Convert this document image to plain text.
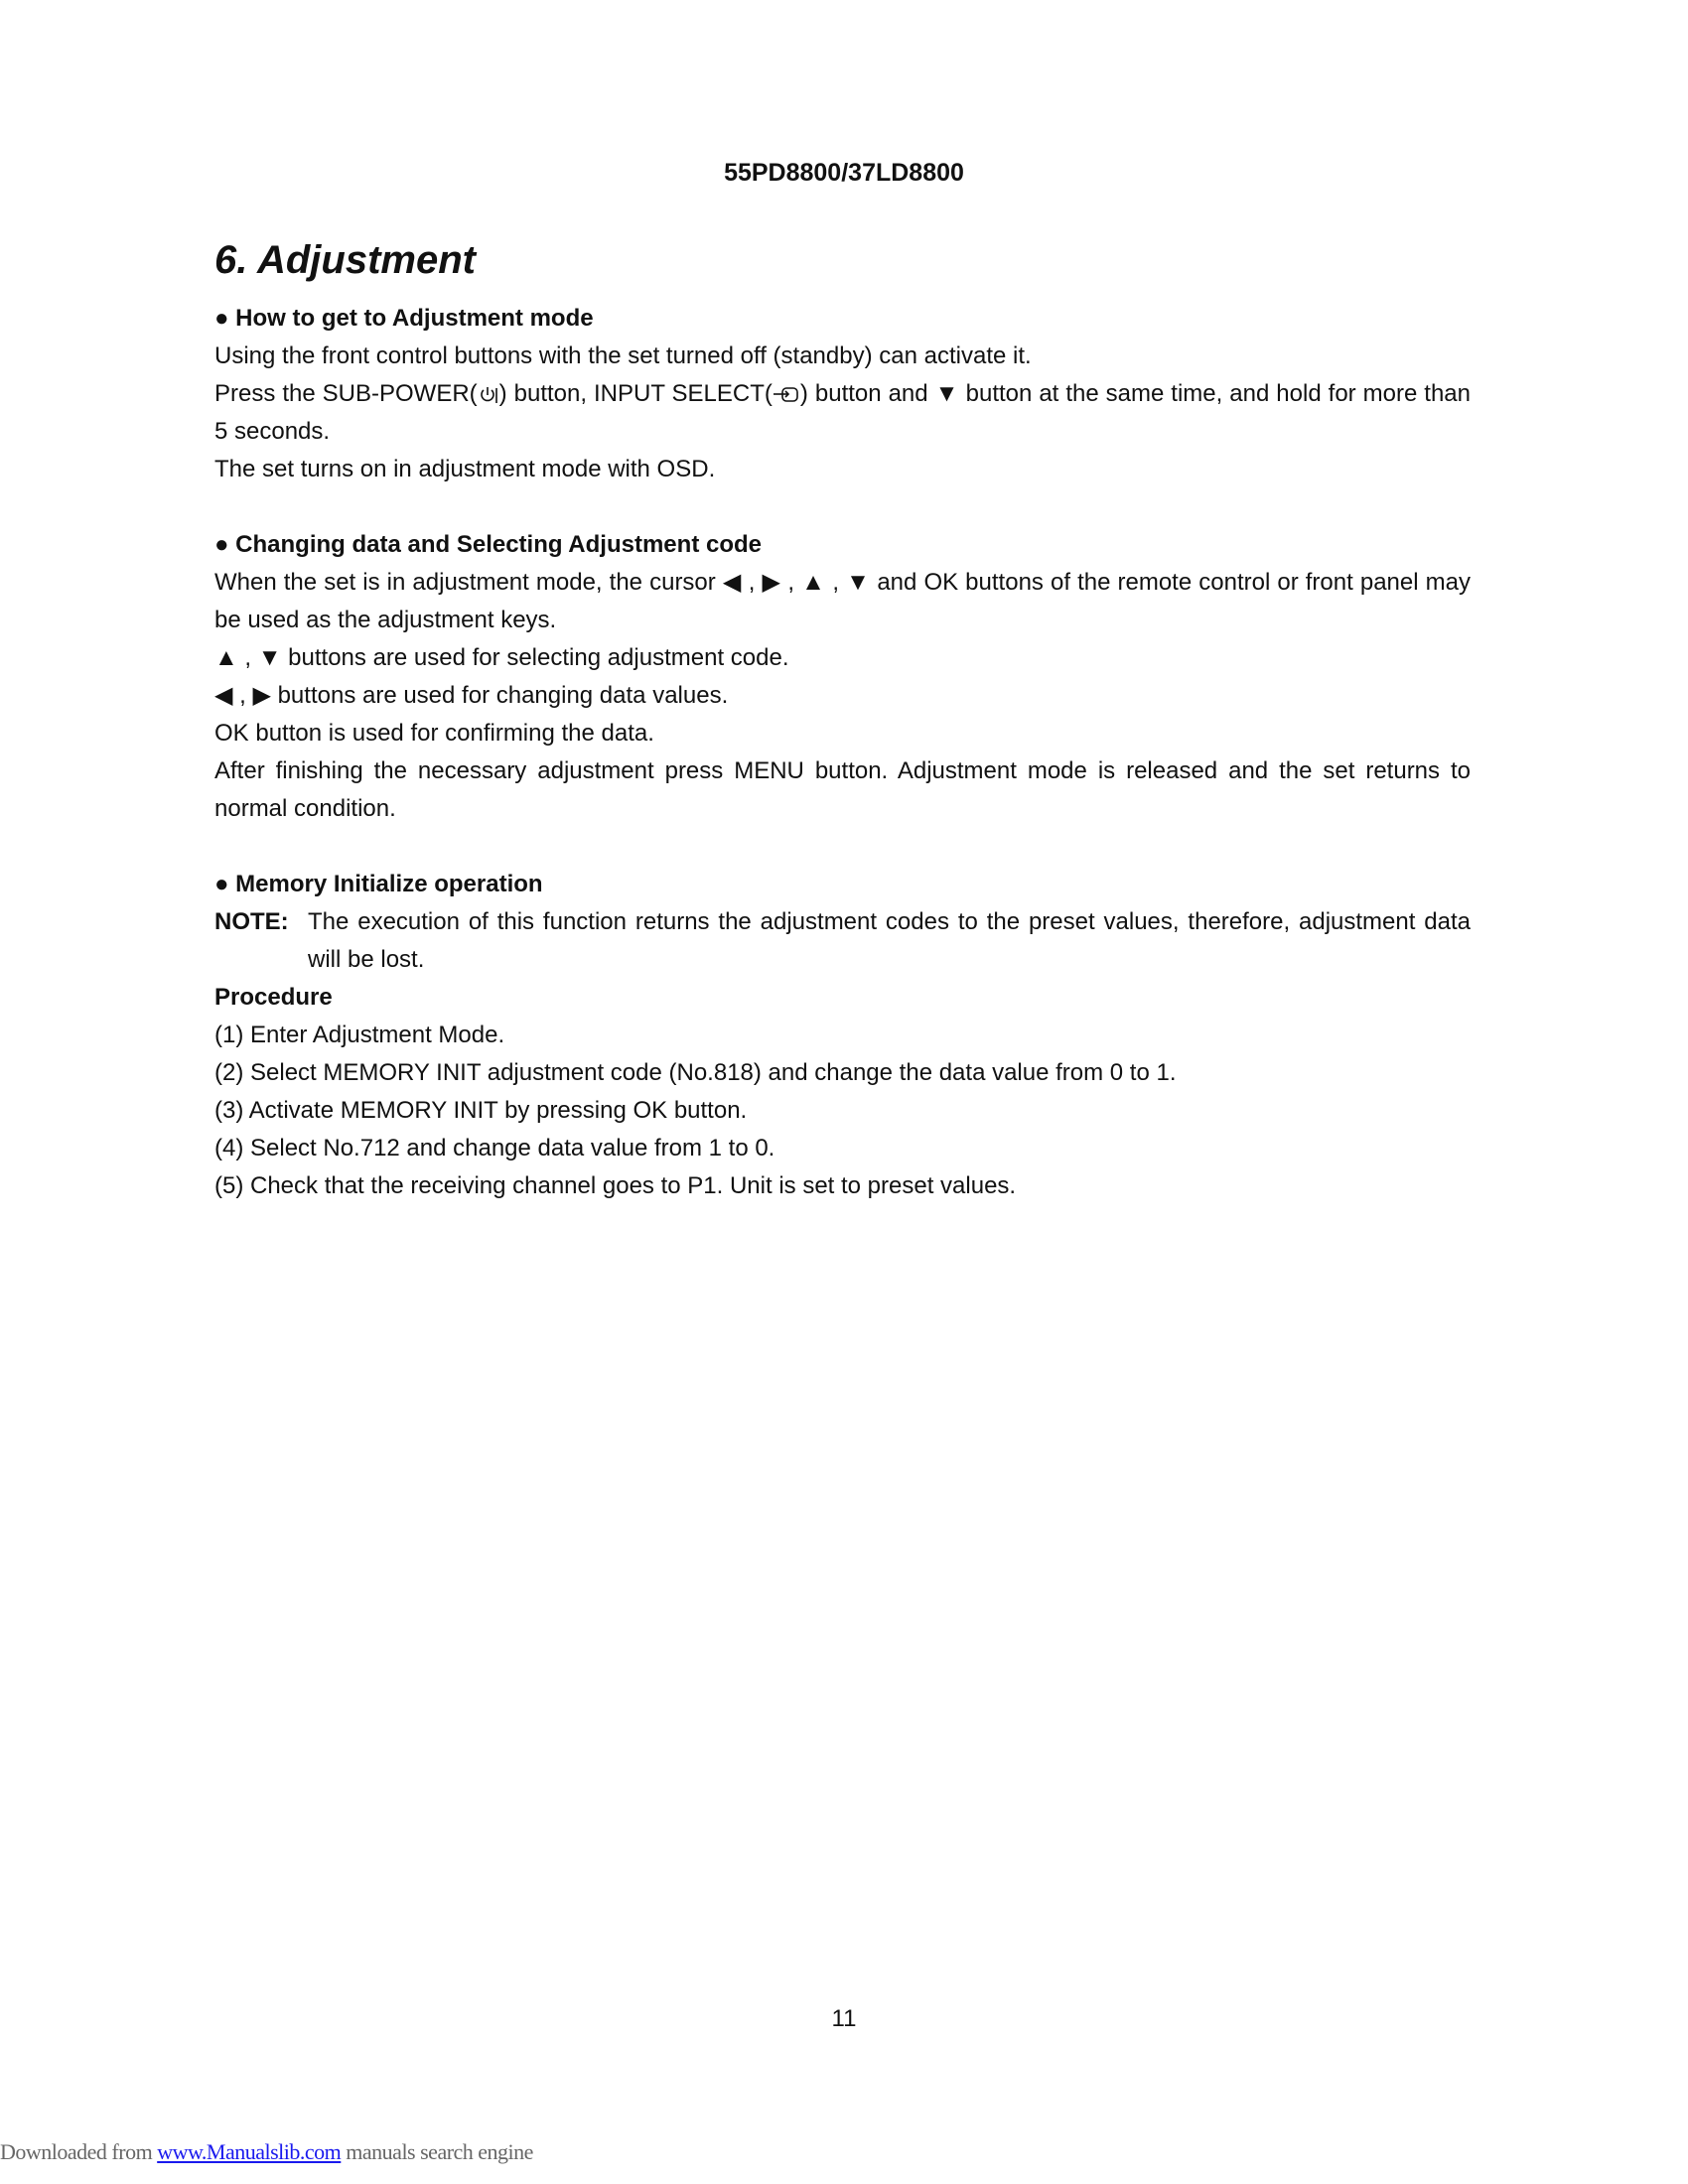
55PD8800/37LD8800
6. Adjustment

● How to get to Adjustment mode

Using the front control buttons with the set turned off (standby) can activate it.

Press the SUB-POWER( ) button, INPUT SELECT( ) button and ▼ button at the same time, and hold for more than 5 seconds.

The set turns on in adjustment mode with OSD.

● Changing data and Selecting Adjustment code

When the set is in adjustment mode, the cursor ◀ , ▶ , ▲ , ▼ and OK buttons of the remote control or front panel may be used as the adjustment keys.

▲ , ▼ buttons are used for selecting adjustment code.

◀ , ▶ buttons are used for changing data values.

OK button is used for confirming the data.

After finishing the necessary adjustment press MENU button. Adjustment mode is released and the set returns to normal condition.

● Memory Initialize operation

NOTE: The execution of this function returns the adjustment codes to the preset values, therefore, adjustment data will be lost.

Procedure

(1) Enter Adjustment Mode.

(2) Select MEMORY INIT adjustment code (No.818) and change the data value from 0 to 1.

(3) Activate MEMORY INIT by pressing OK button.

(4) Select No.712 and change data value from 1 to 0.

(5) Check that the receiving channel goes to P1. Unit is set to preset values.

11
Downloaded from www.Manualslib.com manuals search engine
